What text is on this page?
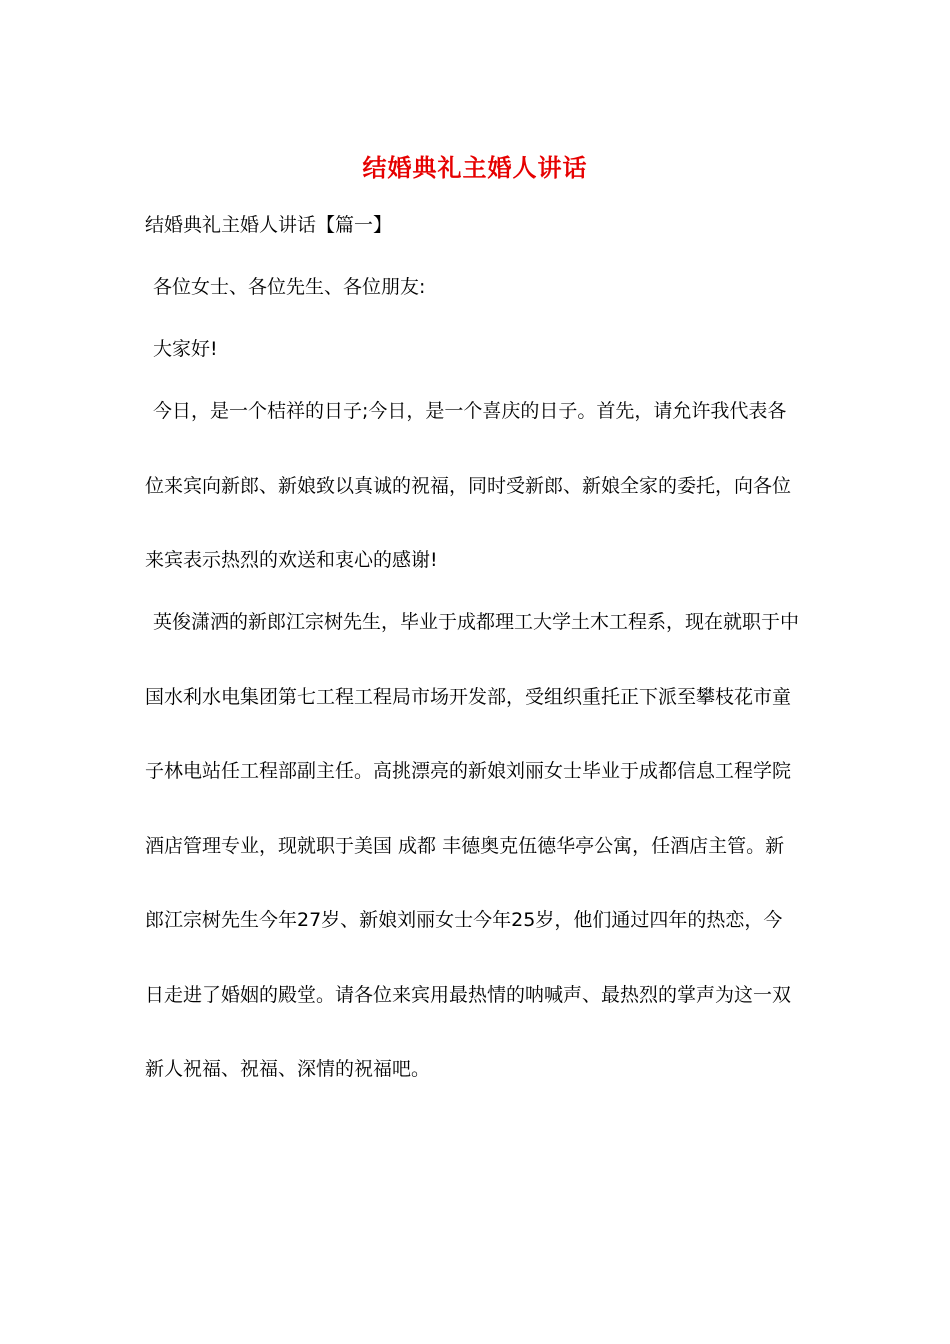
结婚典礼主婚人讲话
结婚典礼主婚人讲话【篇一】
各位女士、各位先生、各位朋友:
大家好!
今日，是一个桔祥的日子;今日，是一个喜庆的日子。首先，请允许我代表各
位来宾向新郎、新娘致以真诚的祝福，同时受新郎、新娘全家的委托，向各位
来宾表示热烈的欢送和衷心的感谢!
英俊潇洒的新郎江宗树先生，毕业于成都理工大学土木工程系，现在就职于中
国水利水电集团第七工程工程局市场开发部，受组织重托正下派至攀枝花市童
子林电站任工程部副主任。高挑漂亮的新娘刘丽女士毕业于成都信息工程学院
酒店管理专业，现就职于美国 成都 丰德奥克伍德华亭公寓，任酒店主管。新
郎江宗树先生今年27岁、新娘刘丽女士今年25岁，他们通过四年的热恋，今
日走进了婚姻的殿堂。请各位来宾用最热情的呐喊声、最热烈的掌声为这一双
新人祝福、祝福、深情的祝福吧。
